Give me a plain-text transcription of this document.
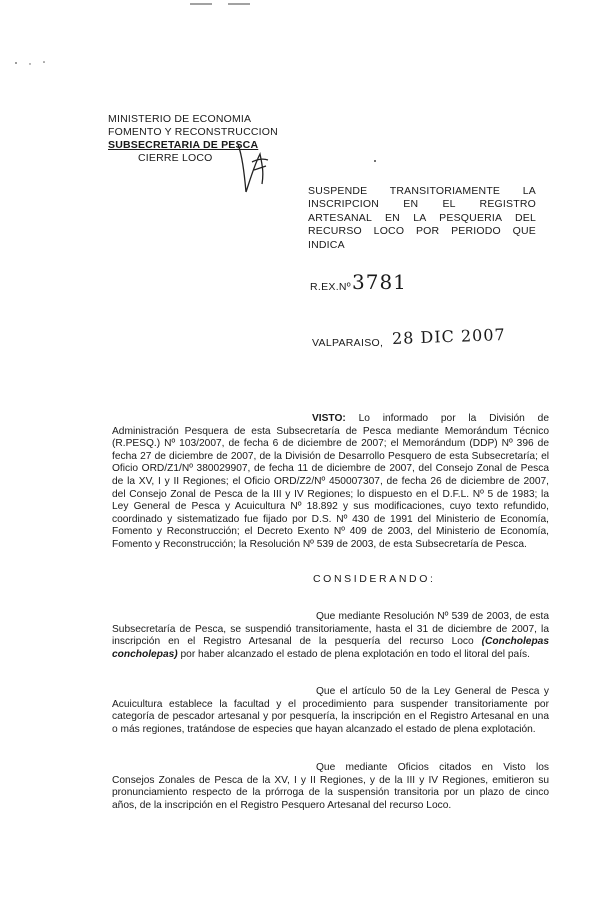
MINISTERIO DE ECONOMIA
FOMENTO Y RECONSTRUCCION
SUBSECRETARIA DE PESCA
CIERRE LOCO
SUSPENDE TRANSITORIAMENTE LA INSCRIPCION EN EL REGISTRO ARTESANAL EN LA PESQUERIA DEL RECURSO LOCO POR PERIODO QUE INDICA
R.EX.Nº 3781
VALPARAISO, 28 DIC 2007
VISTO: Lo informado por la División de Administración Pesquera de esta Subsecretaría de Pesca mediante Memorándum Técnico (R.PESQ.) Nº 103/2007, de fecha 6 de diciembre de 2007; el Memorándum (DDP) Nº 396 de fecha 27 de diciembre de 2007, de la División de Desarrollo Pesquero de esta Subsecretaría; el Oficio ORD/Z1/Nº 380029907, de fecha 11 de diciembre de 2007, del Consejo Zonal de Pesca de la XV, I y II Regiones; el Oficio ORD/Z2/Nº 450007307, de fecha 26 de diciembre de 2007, del Consejo Zonal de Pesca de la III y IV Regiones; lo dispuesto en el D.F.L. Nº 5 de 1983; la Ley General de Pesca y Acuicultura Nº 18.892 y sus modificaciones, cuyo texto refundido, coordinado y sistematizado fue fijado por D.S. Nº 430 de 1991 del Ministerio de Economía, Fomento y Reconstrucción; el Decreto Exento Nº 409 de 2003, del Ministerio de Economía, Fomento y Reconstrucción; la Resolución Nº 539 de 2003, de esta Subsecretaría de Pesca.
CONSIDERANDO:
Que mediante Resolución Nº 539 de 2003, de esta Subsecretaría de Pesca, se suspendió transitoriamente, hasta el 31 de diciembre de 2007, la inscripción en el Registro Artesanal de la pesquería del recurso Loco (Concholepas concholepas) por haber alcanzado el estado de plena explotación en todo el litoral del país.
Que el artículo 50 de la Ley General de Pesca y Acuicultura establece la facultad y el procedimiento para suspender transitoriamente por categoría de pescador artesanal y por pesquería, la inscripción en el Registro Artesanal en una o más regiones, tratándose de especies que hayan alcanzado el estado de plena explotación.
Que mediante Oficios citados en Visto los Consejos Zonales de Pesca de la XV, I y II Regiones, y de la III y IV Regiones, emitieron su pronunciamiento respecto de la prórroga de la suspensión transitoria por un plazo de cinco años, de la inscripción en el Registro Pesquero Artesanal del recurso Loco.
